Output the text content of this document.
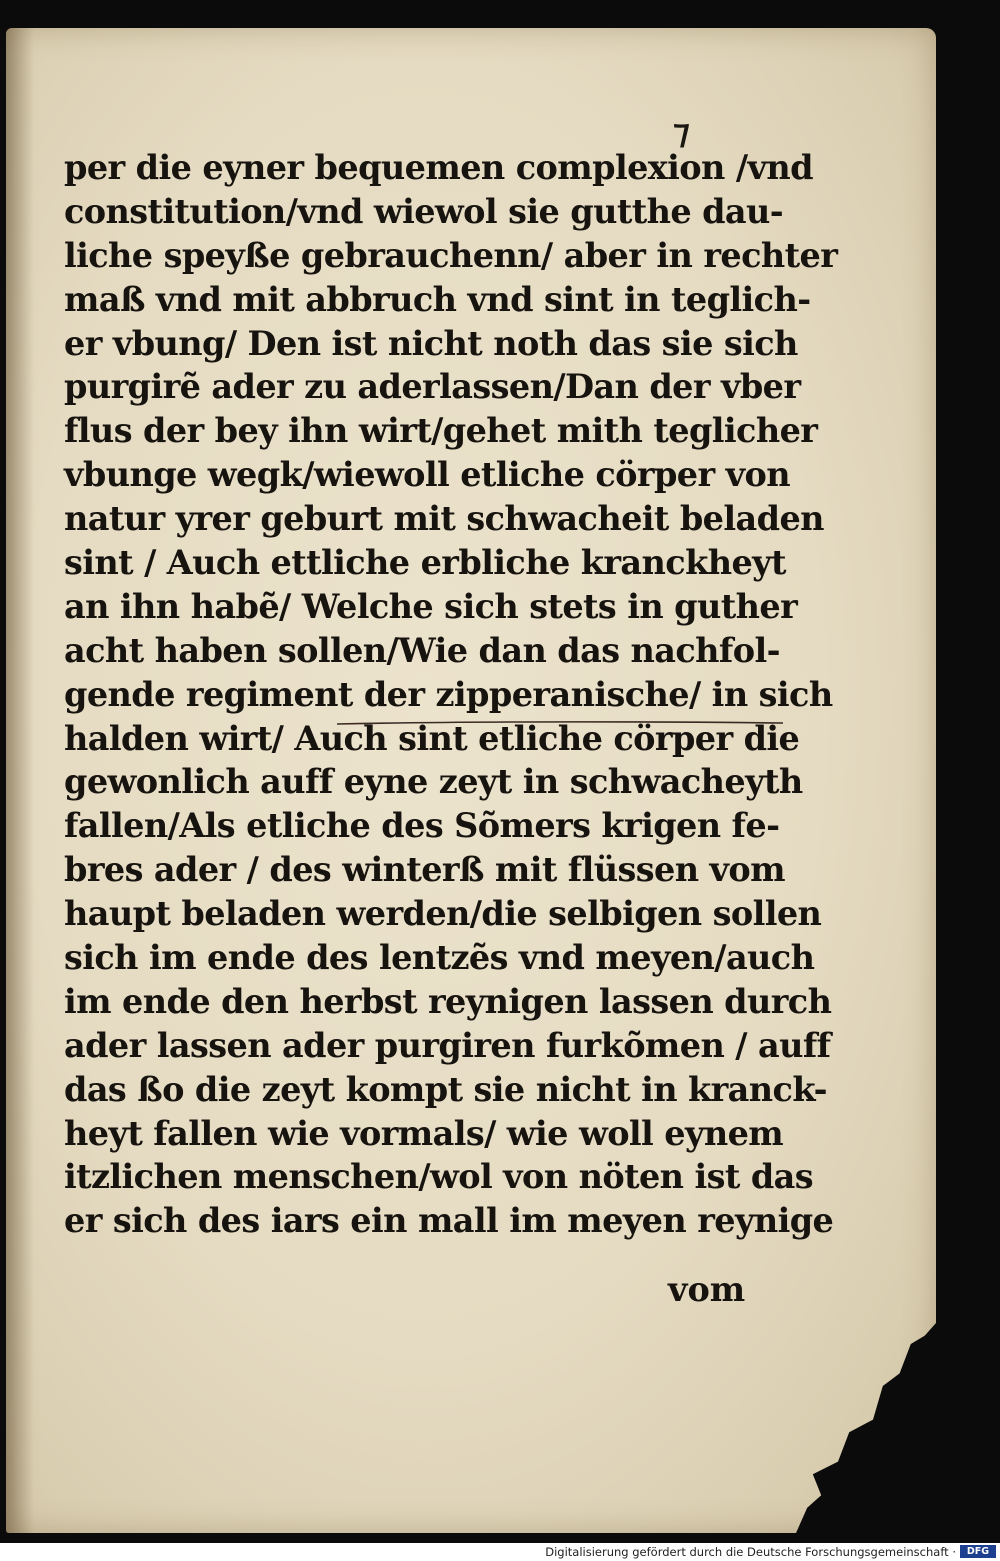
⁊
per die eyner bequemen complexion /vnd
constitution/vnd wiewol sie gutthe dau-
liche speyße gebrauchenn/ aber in rechter
maß vnd mit abbruch vnd sint in teglich-
er vbung/ Den ist nicht noth das sie sich
purgirẽ ader zu aderlassen/Dan der vber
flus der bey ihn wirt/gehet mith teglicher
vbunge wegk/wiewoll etliche cörper von
natur yrer geburt mit schwacheit beladen
sint / Auch ettliche erbliche kranckheyt
an ihn habẽ/ Welche sich stets in guther
acht haben sollen/Wie dan das nachfol-
gende regiment der zipperanische/ in sich
halden wirt/ Auch sint etliche cörper die
gewonlich auff eyne zeyt in schwacheyth
fallen/Als etliche des Sõmers krigen fe-
bres ader / des winterß mit flüssen vom
haupt beladen werden/die selbigen sollen
sich im ende des lentzẽs vnd meyen/auch
im ende den herbst reynigen lassen durch
ader lassen ader purgiren furkõmen / auff
das ßo die zeyt kompt sie nicht in kranck-
heyt fallen wie vormals/ wie woll eynem
itzlichen menschen/wol von nöten ist das
er sich des iars ein mall im meyen reynige
vom
Digitalisierung gefördert durch die Deutsche Forschungsgemeinschaft ·	DFG
